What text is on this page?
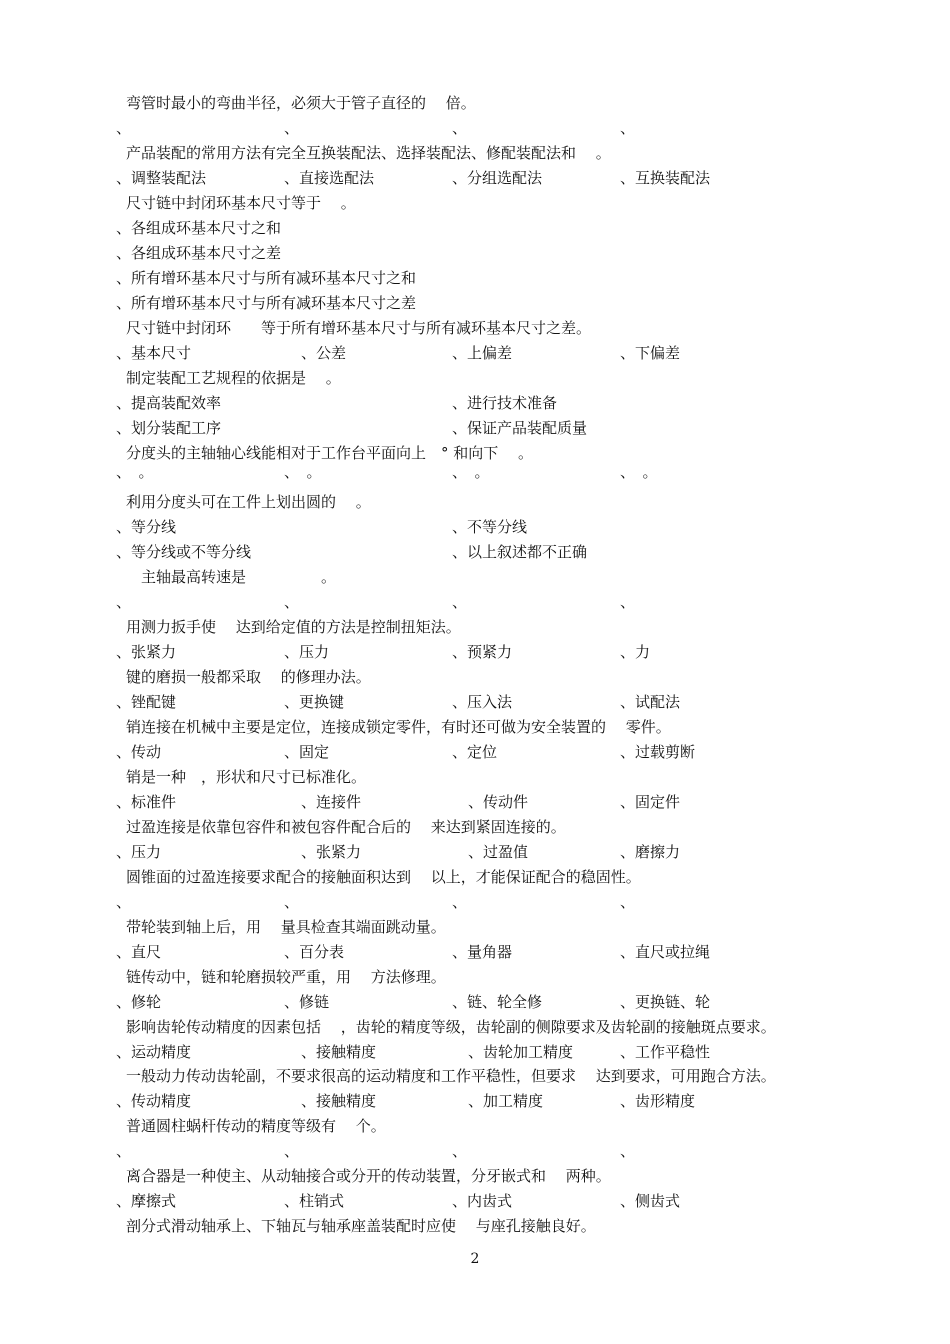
弯管时最小的弯曲半径，必须大于管子直径的　 倍。
、	、	、	、
产品装配的常用方法有完全互换装配法、选择装配法、修配装配法和　 。
、调整装配法	、直接选配法	、分组选配法	、互换装配法
尺寸链中封闭环基本尺寸等于　 。
、各组成环基本尺寸之和
、各组成环基本尺寸之差
、所有增环基本尺寸与所有减环基本尺寸之和
、所有增环基本尺寸与所有减环基本尺寸之差
尺寸链中封闭环　　等于所有增环基本尺寸与所有减环基本尺寸之差。
、基本尺寸	、公差	、上偏差	、下偏差
制定装配工艺规程的依据是　 。
、提高装配效率	、进行技术准备
、划分装配工序	、保证产品装配质量
分度头的主轴轴心线能相对于工作台平面向上　° 和向下　 。
、　。	、　。	、　。	、　。
利用分度头可在工件上划出圆的　 。
、等分线	、不等分线
、等分线或不等分线	、以上叙述都不正确
　主轴最高转速是　　　　　。
、	、	、	、
用测力扳手使　 达到给定值的方法是控制扭矩法。
、张紧力	、压力	、预紧力	、力
键的磨损一般都采取　 的修理办法。
、锉配键	、更换键	、压入法	、试配法
销连接在机械中主要是定位，连接成锁定零件，有时还可做为安全装置的　 零件。
、传动	、固定	、定位	、过载剪断
销是一种　，形状和尺寸已标准化。
、标准件	、连接件	、传动件	、固定件
过盈连接是依靠包容件和被包容件配合后的　 来达到紧固连接的。
、压力	、张紧力	、过盈值	、磨擦力
圆锥面的过盈连接要求配合的接触面积达到　 以上，才能保证配合的稳固性。
、	、	、	、
带轮装到轴上后，用　 量具检查其端面跳动量。
、直尺	、百分表	、量角器	、直尺或拉绳
链传动中，链和轮磨损较严重，用　 方法修理。
、修轮	、修链	、链、轮全修	、更换链、轮
影响齿轮传动精度的因素包括　 ，齿轮的精度等级，齿轮副的侧隙要求及齿轮副的接触斑点要求。
、运动精度	、接触精度	、齿轮加工精度	、工作平稳性
一般动力传动齿轮副，不要求很高的运动精度和工作平稳性，但要求　 达到要求，可用跑合方法。
、传动精度	、接触精度	、加工精度	、齿形精度
普通圆柱蜗杆传动的精度等级有　 个。
、	、	、	、
离合器是一种使主、从动轴接合或分开的传动装置，分牙嵌式和　 两种。
、摩擦式	、柱销式	、内齿式	、侧齿式
剖分式滑动轴承上、下轴瓦与轴承座盖装配时应使　 与座孔接触良好。
2
